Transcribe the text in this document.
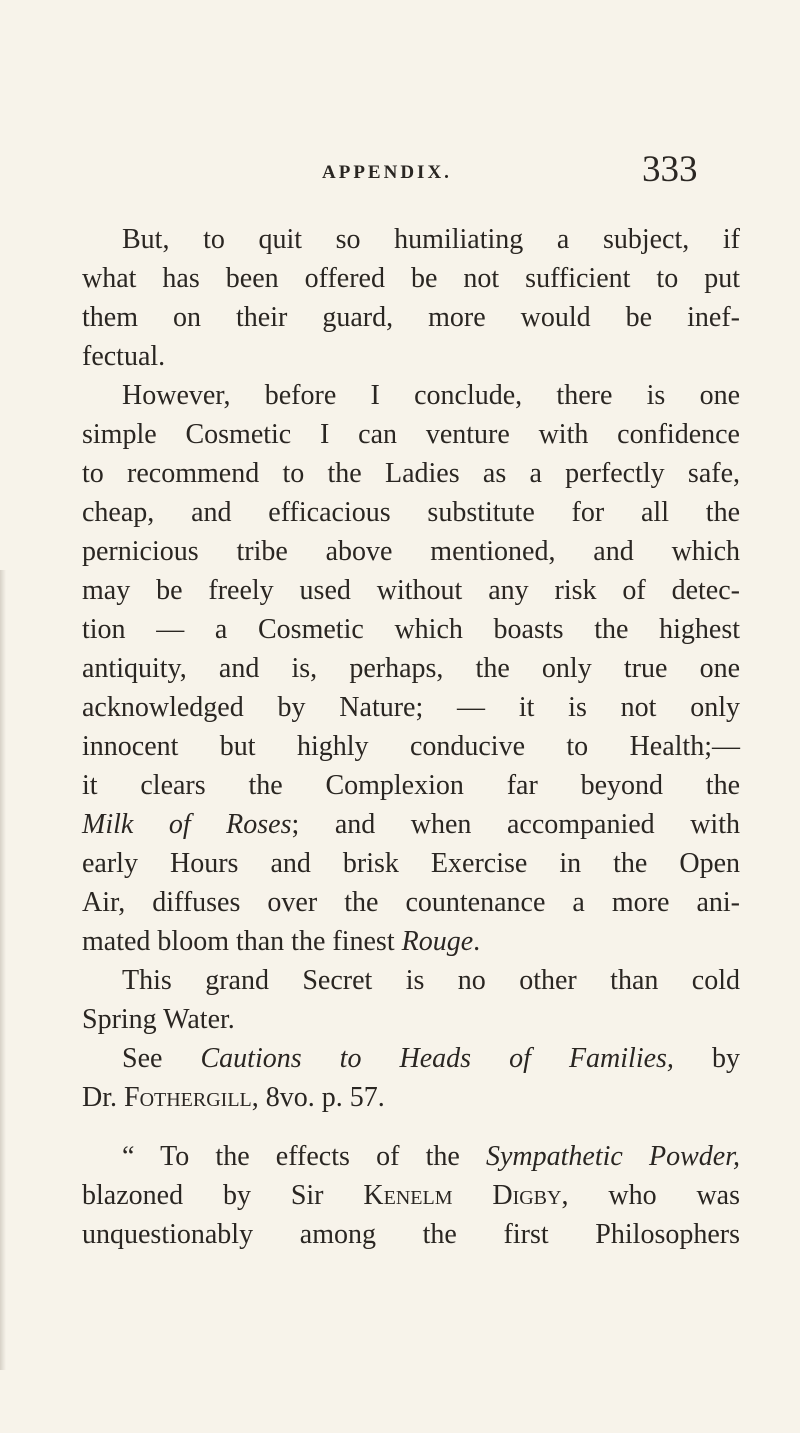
APPENDIX.	333
But, to quit so humiliating a subject, if
what has been offered be not sufficient to put
them on their guard, more would be inef-
fectual.
However, before I conclude, there is one
simple Cosmetic I can venture with confidence
to recommend to the Ladies as a perfectly safe,
cheap, and efficacious substitute for all the
pernicious tribe above mentioned, and which
may be freely used without any risk of detec-
tion — a Cosmetic which boasts the highest
antiquity, and is, perhaps, the only true one
acknowledged by Nature; — it is not only
innocent but highly conducive to Health;—
it clears the Complexion far beyond the
Milk of Roses; and when accompanied with
early Hours and brisk Exercise in the Open
Air, diffuses over the countenance a more ani-
mated bloom than the finest Rouge.
This grand Secret is no other than cold
Spring Water.
See Cautions to Heads of Families, by
Dr. Fothergill, 8vo. p. 57.
“ To the effects of the Sympathetic Powder,
blazoned by Sir Kenelm Digby, who was
unquestionably among the first Philosophers
